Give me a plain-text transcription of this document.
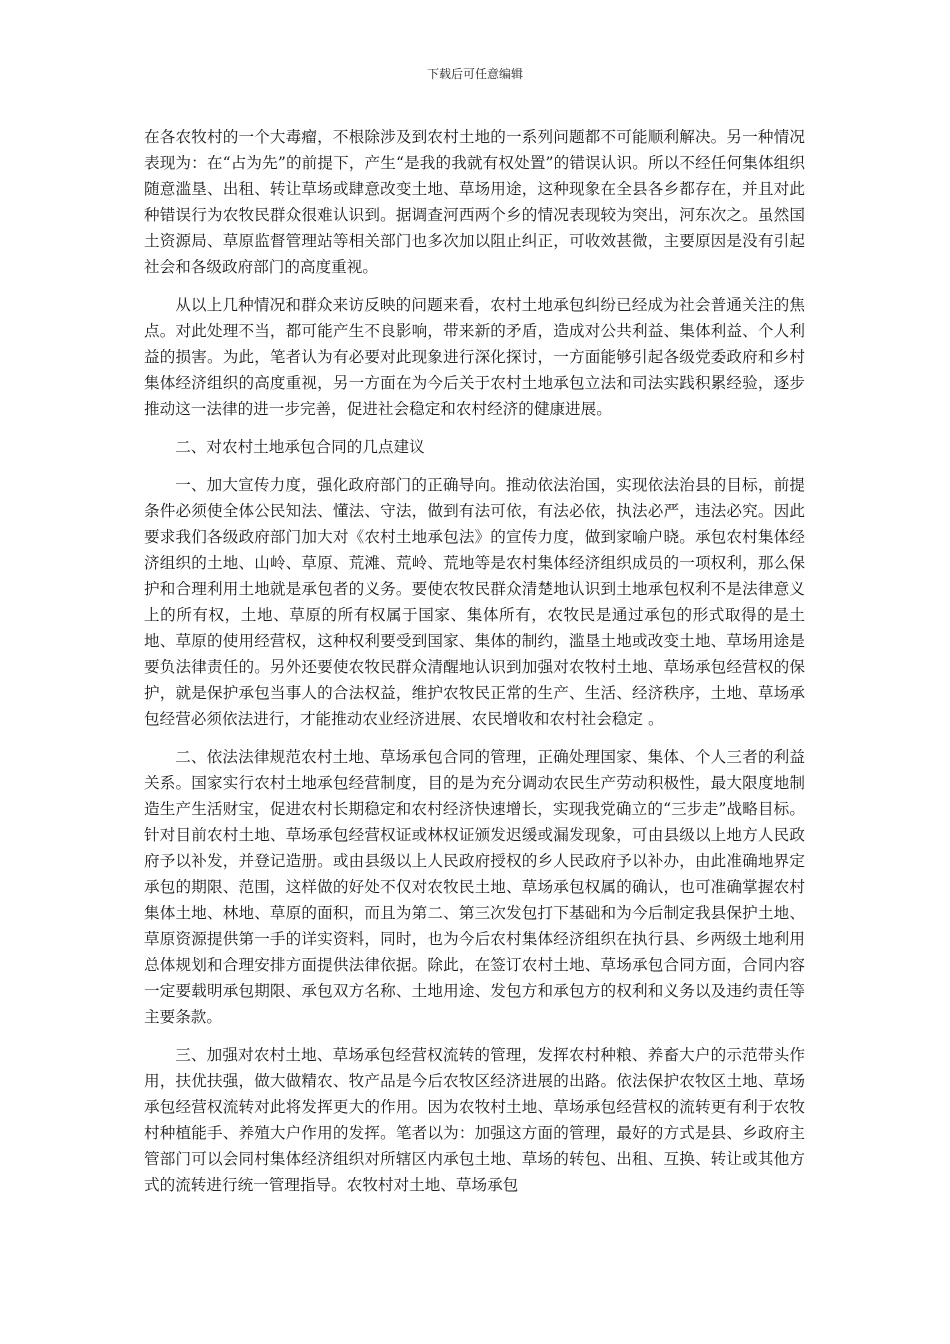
下载后可任意编辑

在各农牧村的一个大毒瘤，不根除涉及到农村土地的一系列问题都不可能顺利解决。另一种情况表现为：在“占为先”的前提下，产生“是我的我就有权处置”的错误认识。所以不经任何集体组织随意滥垦、出租、转让草场或肆意改变土地、草场用途，这种现象在全县各乡都存在，并且对此种错误行为农牧民群众很难认识到。据调查河西两个乡的情况表现较为突出，河东次之。虽然国土资源局、草原监督管理站等相关部门也多次加以阻止纠正，可收效甚微，主要原因是没有引起社会和各级政府部门的高度重视。

从以上几种情况和群众来访反映的问题来看，农村土地承包纠纷已经成为社会普通关注的焦点。对此处理不当，都可能产生不良影响，带来新的矛盾，造成对公共利益、集体利益、个人利益的损害。为此，笔者认为有必要对此现象进行深化探讨，一方面能够引起各级党委政府和乡村集体经济组织的高度重视，另一方面在为今后关于农村土地承包立法和司法实践积累经验，逐步推动这一法律的进一步完善，促进社会稳定和农村经济的健康进展。

二、对农村土地承包合同的几点建议

一、加大宣传力度，强化政府部门的正确导向。推动依法治国，实现依法治县的目标，前提条件必须使全体公民知法、懂法、守法，做到有法可依，有法必依，执法必严，违法必究。因此要求我们各级政府部门加大对《农村土地承包法》的宣传力度，做到家喻户晓。承包农村集体经济组织的土地、山岭、草原、荒滩、荒岭、荒地等是农村集体经济组织成员的一项权利，那么保护和合理利用土地就是承包者的义务。要使农牧民群众清楚地认识到土地承包权利不是法律意义上的所有权，土地、草原的所有权属于国家、集体所有，农牧民是通过承包的形式取得的是土地、草原的使用经营权，这种权利要受到国家、集体的制约，滥垦土地或改变土地、草场用途是要负法律责任的。另外还要使农牧民群众清醒地认识到加强对农牧村土地、草场承包经营权的保护，就是保护承包当事人的合法权益，维护农牧民正常的生产、生活、经济秩序，土地、草场承包经营必须依法进行，才能推动农业经济进展、农民增收和农村社会稳定 。

二、依法法律规范农村土地、草场承包合同的管理，正确处理国家、集体、个人三者的利益关系。国家实行农村土地承包经营制度，目的是为充分调动农民生产劳动积极性，最大限度地制造生产生活财宝，促进农村长期稳定和农村经济快速增长，实现我党确立的“三步走”战略目标。针对目前农村土地、草场承包经营权证或林权证颁发迟缓或漏发现象，可由县级以上地方人民政府予以补发，并登记造册。或由县级以上人民政府授权的乡人民政府予以补办，由此准确地界定承包的期限、范围，这样做的好处不仅对农牧民土地、草场承包权属的确认，也可准确掌握农村集体土地、林地、草原的面积，而且为第二、第三次发包打下基础和为今后制定我县保护土地、草原资源提供第一手的详实资料，同时，也为今后农村集体经济组织在执行县、乡两级土地利用总体规划和合理安排方面提供法律依据。除此，在签订农村土地、草场承包合同方面，合同内容一定要载明承包期限、承包双方名称、土地用途、发包方和承包方的权利和义务以及违约责任等主要条款。

三、加强对农村土地、草场承包经营权流转的管理，发挥农村种粮、养畜大户的示范带头作用，扶优扶强，做大做精农、牧产品是今后农牧区经济进展的出路。依法保护农牧区土地、草场承包经营权流转对此将发挥更大的作用。因为农牧村土地、草场承包经营权的流转更有利于农牧村种植能手、养殖大户作用的发挥。笔者以为：加强这方面的管理，最好的方式是县、乡政府主管部门可以会同村集体经济组织对所辖区内承包土地、草场的转包、出租、互换、转让或其他方式的流转进行统一管理指导。农牧村对土地、草场承包
